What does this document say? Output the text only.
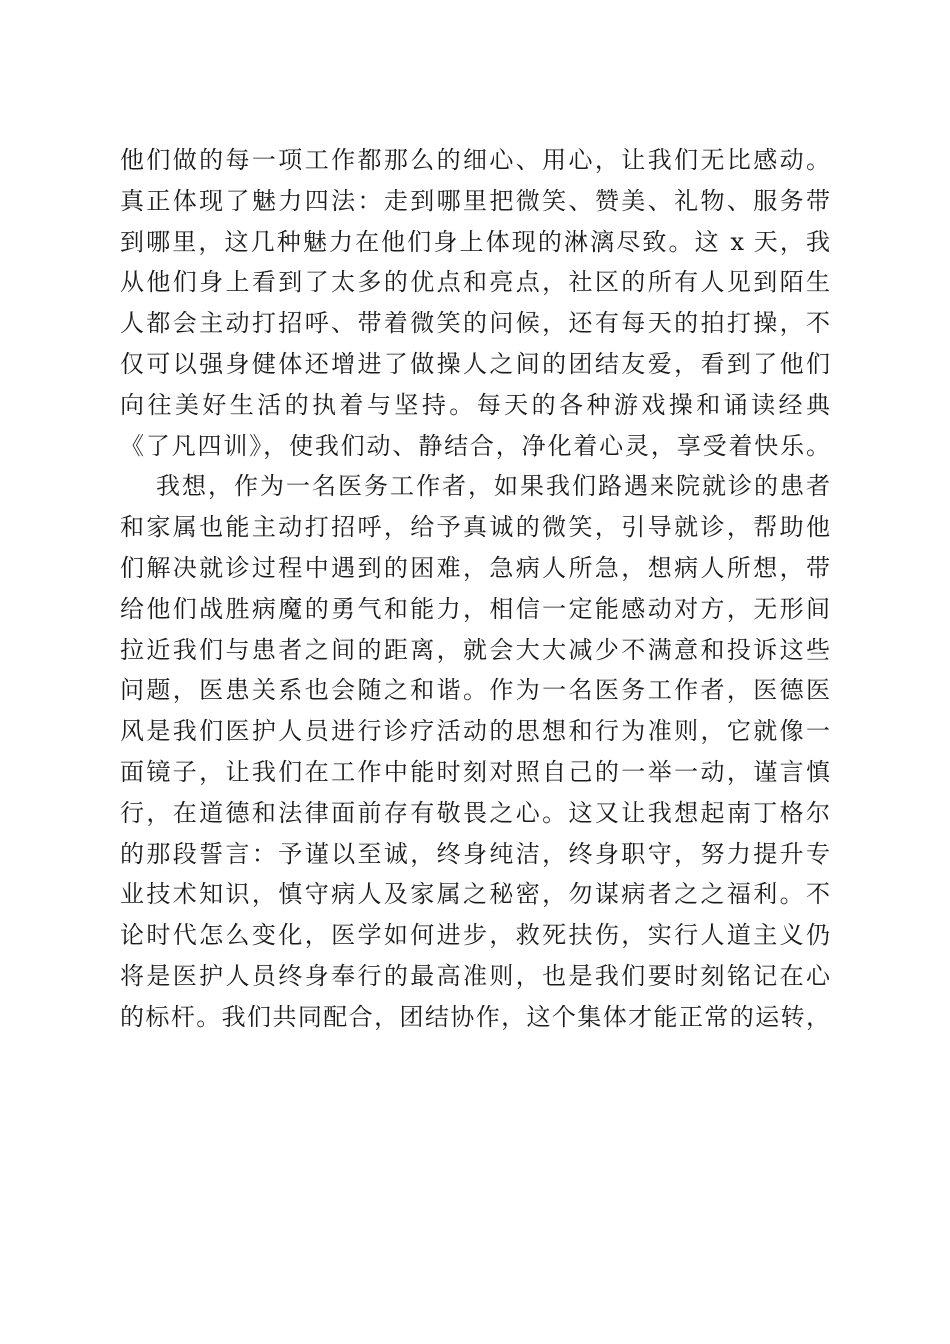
他们做的每一项工作都那么的细心、用心，让我们无比感动。
真正体现了魅力四法：走到哪里把微笑、赞美、礼物、服务带
到哪里，这几种魅力在他们身上体现的淋漓尽致。这 x 天，我
从他们身上看到了太多的优点和亮点，社区的所有人见到陌生
人都会主动打招呼、带着微笑的问候，还有每天的拍打操，不
仅可以强身健体还增进了做操人之间的团结友爱，看到了他们
向往美好生活的执着与坚持。每天的各种游戏操和诵读经典
《了凡四训》，使我们动、静结合，净化着心灵，享受着快乐。
我想，作为一名医务工作者，如果我们路遇来院就诊的患者
和家属也能主动打招呼，给予真诚的微笑，引导就诊，帮助他
们解决就诊过程中遇到的困难，急病人所急，想病人所想，带
给他们战胜病魔的勇气和能力，相信一定能感动对方，无形间
拉近我们与患者之间的距离，就会大大减少不满意和投诉这些
问题，医患关系也会随之和谐。作为一名医务工作者，医德医
风是我们医护人员进行诊疗活动的思想和行为准则，它就像一
面镜子，让我们在工作中能时刻对照自己的一举一动，谨言慎
行，在道德和法律面前存有敬畏之心。这又让我想起南丁格尔
的那段誓言：予谨以至诚，终身纯洁，终身职守，努力提升专
业技术知识，慎守病人及家属之秘密，勿谋病者之之福利。不
论时代怎么变化，医学如何进步，救死扶伤，实行人道主义仍
将是医护人员终身奉行的最高准则，也是我们要时刻铭记在心
的标杆。我们共同配合，团结协作，这个集体才能正常的运转，
